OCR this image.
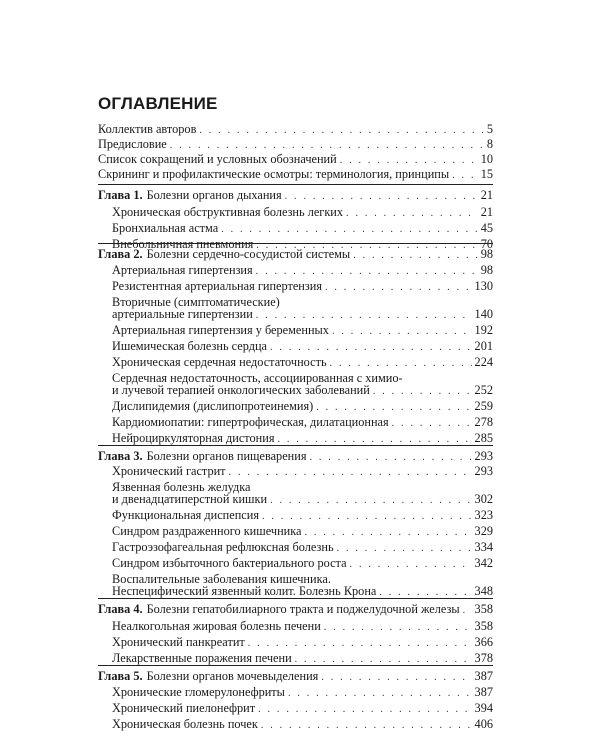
ОГЛАВЛЕНИЕ
Коллектив авторов . . .	5
Предисловие . . .	8
Список сокращений и условных обозначений . . .	10
Скрининг и профилактические осмотры: терминология, принципы . . .	15
Глава 1. Болезни органов дыхания . . .	21
Хроническая обструктивная болезнь легких . . .	21
Бронхиальная астма . . .	45
Внебольничная пневмония . . .	70
Глава 2. Болезни сердечно-сосудистой системы . . .	98
Артериальная гипертензия . . .	98
Резистентная артериальная гипертензия . . .	130
Вторичные (симптоматические)
артериальные гипертензии . . .	140
Артериальная гипертензия у беременных . . .	192
Ишемическая болезнь сердца . . .	201
Хроническая сердечная недостаточность . . .	224
Сердечная недостаточность, ассоциированная с химио-
и лучевой терапией онкологических заболеваний . . .	252
Дислипидемия (дислипопротеинемия) . . .	259
Кардиомиопатии: гипертрофическая, дилатационная . . .	278
Нейроциркуляторная дистония . . .	285
Глава 3. Болезни органов пищеварения . . .	293
Хронический гастрит . . .	293
Язвенная болезнь желудка
и двенадцатиперстной кишки . . .	302
Функциональная диспепсия . . .	323
Синдром раздраженного кишечника . . .	329
Гастроэзофагеальная рефлюксная болезнь . . .	334
Синдром избыточного бактериального роста . . .	342
Воспалительные заболевания кишечника.
Неспецифический язвенный колит. Болезнь Крона . . .	348
Глава 4. Болезни гепатобилиарного тракта и поджелудочной железы . . . 358
Неалкогольная жировая болезнь печени . . .	358
Хронический панкреатит . . .	366
Лекарственные поражения печени . . .	378
Глава 5. Болезни органов мочевыделения . . .	387
Хронические гломерулонефриты . . .	387
Хронический пиелонефрит . . .	394
Хроническая болезнь почек . . .	406
